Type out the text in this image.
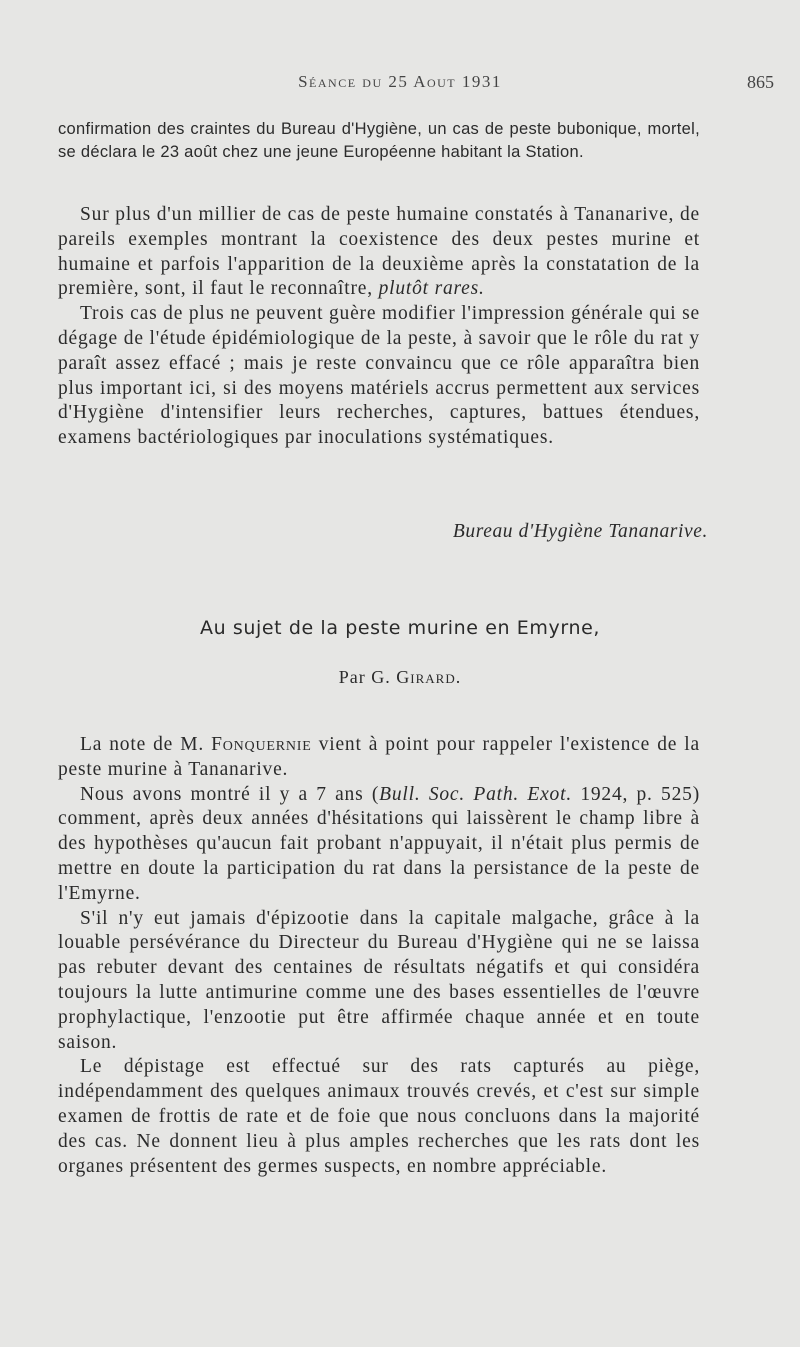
Séance du 25 Aout 1931	865

confirmation des craintes du Bureau d'Hygiène, un cas de peste bubonique, mortel, se déclara le 23 août chez une jeune Européenne habitant la Station.

Sur plus d'un millier de cas de peste humaine constatés à Tananarive, de pareils exemples montrant la coexistence des deux pestes murine et humaine et parfois l'apparition de la deuxième après la constatation de la première, sont, il faut le reconnaître, plutôt rares.

Trois cas de plus ne peuvent guère modifier l'impression générale qui se dégage de l'étude épidémiologique de la peste, à savoir que le rôle du rat y paraît assez effacé ; mais je reste convaincu que ce rôle apparaîtra bien plus important ici, si des moyens matériels accrus permettent aux services d'Hygiène d'intensifier leurs recherches, captures, battues étendues, examens bactériologiques par inoculations systématiques.

Bureau d'Hygiène Tananarive.
Au sujet de la peste murine en Emyrne,
Par G. Girard.

La note de M. Fonquernie vient à point pour rappeler l'existence de la peste murine à Tananarive.

Nous avons montré il y a 7 ans (Bull. Soc. Path. Exot. 1924, p. 525) comment, après deux années d'hésitations qui laissèrent le champ libre à des hypothèses qu'aucun fait probant n'appuyait, il n'était plus permis de mettre en doute la participation du rat dans la persistance de la peste de l'Emyrne.

S'il n'y eut jamais d'épizootie dans la capitale malgache, grâce à la louable persévérance du Directeur du Bureau d'Hygiène qui ne se laissa pas rebuter devant des centaines de résultats négatifs et qui considéra toujours la lutte antimurine comme une des bases essentielles de l'œuvre prophylactique, l'enzootie put être affirmée chaque année et en toute saison.

Le dépistage est effectué sur des rats capturés au piège, indépendamment des quelques animaux trouvés crevés, et c'est sur simple examen de frottis de rate et de foie que nous concluons dans la majorité des cas. Ne donnent lieu à plus amples recherches que les rats dont les organes présentent des germes suspects, en nombre appréciable.
